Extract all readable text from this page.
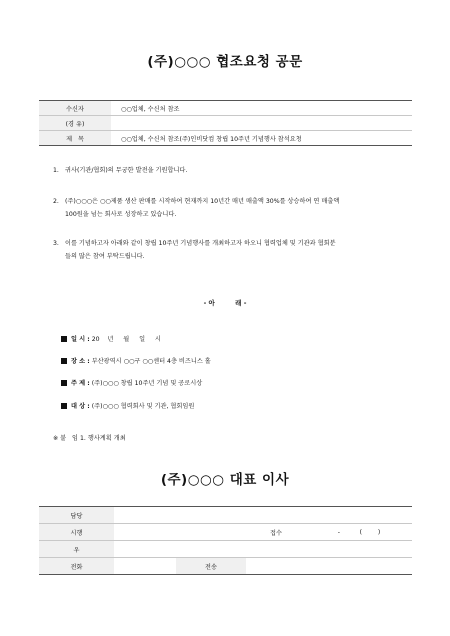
(주)○○○ 협조요청 공문
수신자	○○업체, 수신처 참조
(경 유)	
제   목	○○업체, 수신처 참조(주)인비닷컴 창립 10주년 기념행사 참석요청
1. 귀사(기관/협회)의 무궁한 발전을 기원합니다.
2. (주)○○○은 ○○제품 생산 판매를 시작하여 현재까지 10년간 매년 매출액 30%를 상승하여 연 매출액
100원을 넘는 회사로 성장하고 있습니다.
3. 이를 기념하고자 아래와 같이 창립 10주년 기념행사를 개최하고자 하오니 협력업체 및 기관과 협회분
들의 많은 참여 부탁드립니다.
- 아         래 -
일 시 : 20    년     월     일     시
장 소 : 부산광역시 ○○구 ○○센터 4층 비즈니스 홀
주 제 : (주)○○○ 창립 10주년 기념 및 공로시상
대 상 : (주)○○○ 협력회사 및 기관, 협회임원
※ 붙   임 1. 행사계획 개최
(주)○○○ 대표 이사
담당				
시행			접수	-          (        )
우				
전화		전송		
